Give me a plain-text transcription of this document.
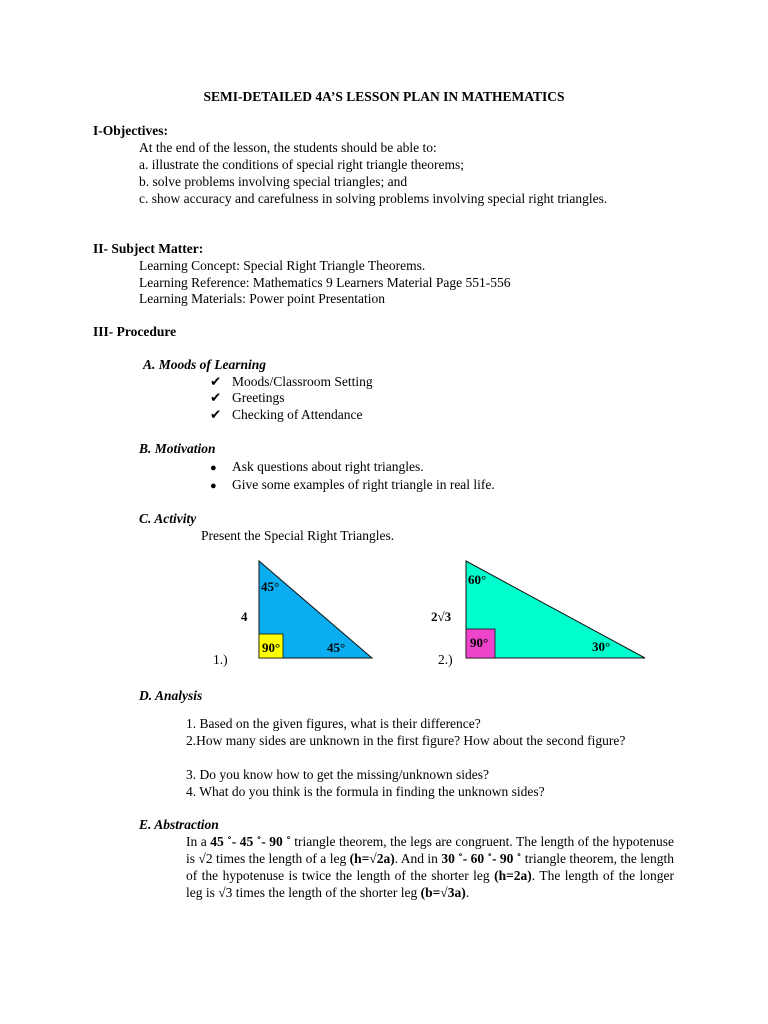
SEMI-DETAILED 4A’S LESSON PLAN IN MATHEMATICS
I-Objectives:
At the end of the lesson, the students should be able to:
a. illustrate the conditions of special right triangle theorems;
b. solve problems involving special triangles; and
c. show accuracy and carefulness in solving problems involving special right triangles.
II- Subject Matter:
Learning Concept: Special Right Triangle Theorems.
Learning Reference: Mathematics 9 Learners Material Page 551-556
Learning Materials: Power point Presentation
III- Procedure
A. Moods of Learning
✔ Moods/Classroom Setting
✔ Greetings
✔ Checking of Attendance
B. Motivation
● Ask questions about right triangles.
● Give some examples of right triangle in real life.
C. Activity
Present the Special Right Triangles.
45°
4
90°	45°
1.)
60°
2√3
90°	30°
2.)
D. Analysis
1. Based on the given figures, what is their difference?
2.How many sides are unknown in the first figure? How about the second figure?
3. Do you know how to get the missing/unknown sides?
4. What do you think is the formula in finding the unknown sides?
E. Abstraction
In a 45 ˚- 45 ˚- 90 ˚ triangle theorem, the legs are congruent. The length of the hypotenuse is √2 times the length of a leg (h=√2a). And in 30 ˚- 60 ˚- 90 ˚ triangle theorem, the length of the hypotenuse is twice the length of the shorter leg (h=2a). The length of the longer leg is √3 times the length of the shorter leg (b=√3a).
